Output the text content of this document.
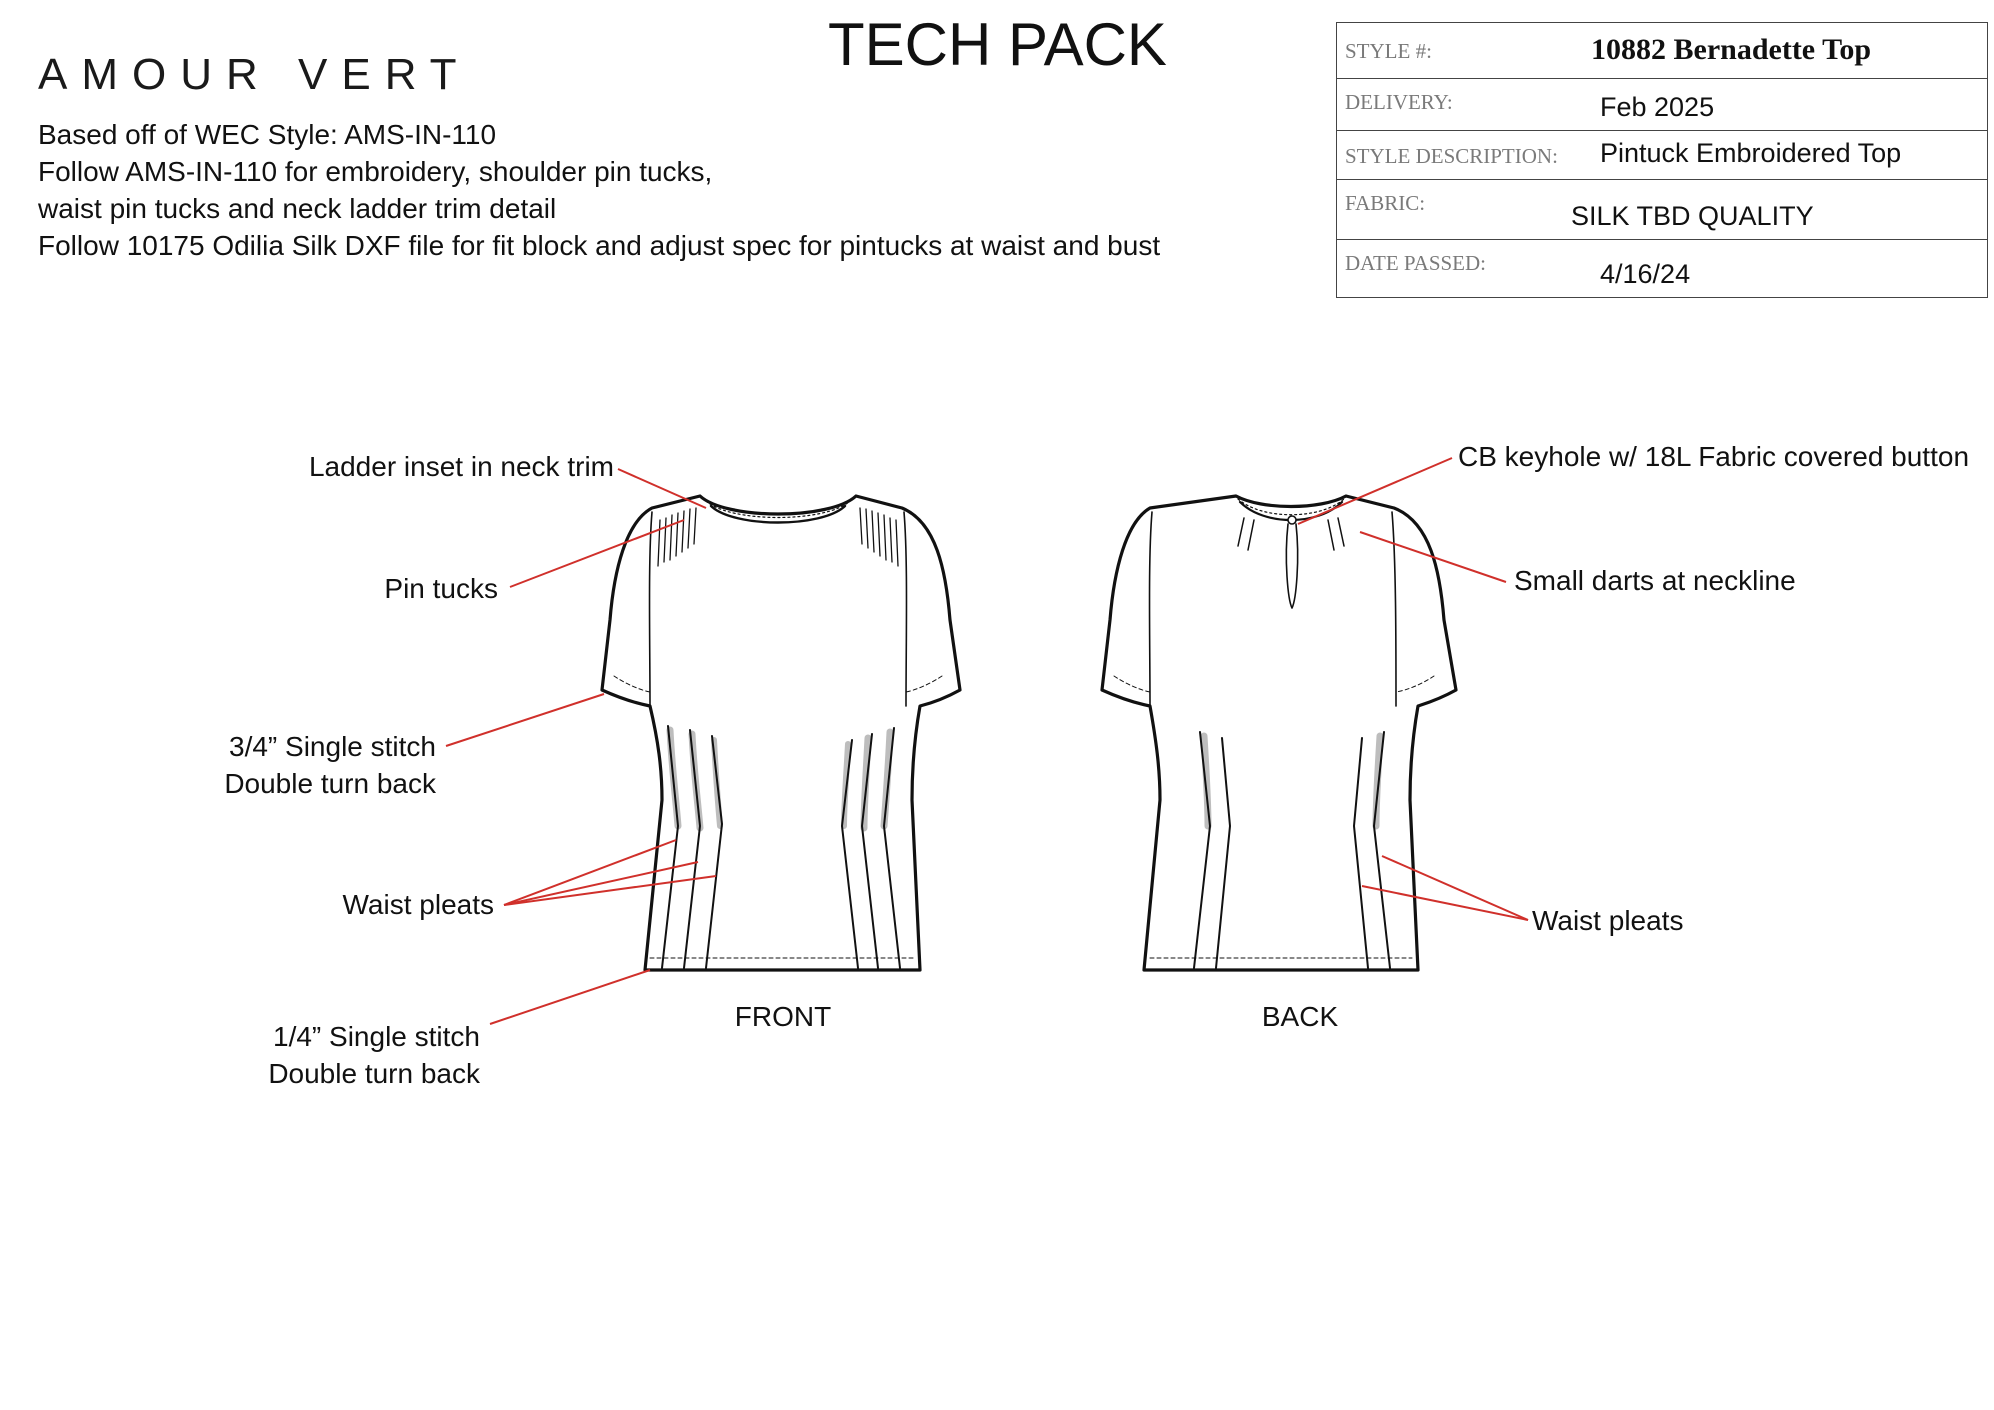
AMOUR VERT	TECH PACK
Based off of WEC Style: AMS-IN-110
Follow AMS-IN-110 for embroidery, shoulder pin tucks,
waist pin tucks and neck ladder trim detail
Follow 10175 Odilia Silk DXF file for fit block and adjust spec for pintucks at waist and bust
STYLE #:	10882 Bernadette Top
DELIVERY:	Feb 2025
STYLE DESCRIPTION: Pintuck Embroidered Top
FABRIC:	SILK TBD QUALITY
DATE PASSED:	4/16/24
Ladder inset in neck trim
Pin tucks
3/4” Single stitch
Double turn back
Waist pleats
1/4” Single stitch
Double turn back
CB keyhole w/ 18L Fabric covered button
Small darts at neckline
Waist pleats
FRONT	BACK
